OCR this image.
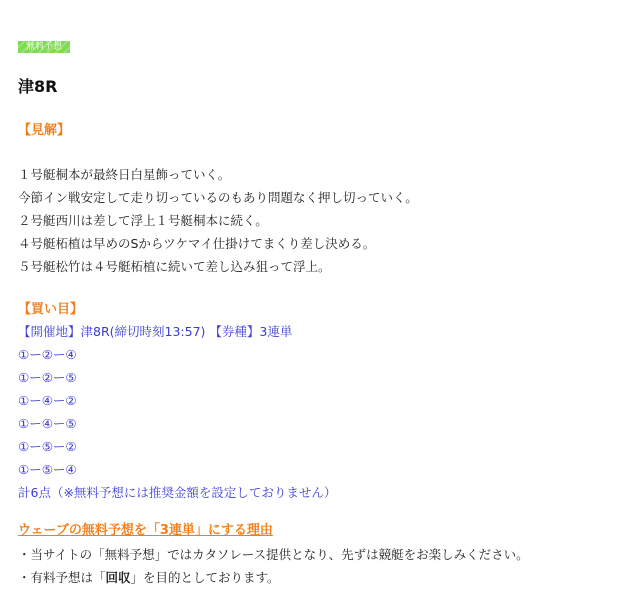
無料予想
津8R
【見解】
１号艇桐本が最終日白星飾っていく。
今節イン戦安定して走り切っているのもあり問題なく押し切っていく。
２号艇西川は差して浮上１号艇桐本に続く。
４号艇柘植は早めのSからツケマイ仕掛けてまくり差し決める。
５号艇松竹は４号艇柘植に続いて差し込み狙って浮上。
【買い目】
【開催地】津8R(締切時刻13:57) 【券種】3連単
①ー②ー④
①ー②ー⑤
①ー④ー②
①ー④ー⑤
①ー⑤ー②
①ー⑤ー④
計6点（※無料予想には推奨金額を設定しておりません）
ウェーブの無料予想を「3連単」にする理由
・当サイトの「無料予想」ではカタソレース提供となり、先ずは競艇をお楽しみください。
・有料予想は「回収」を目的としております。
